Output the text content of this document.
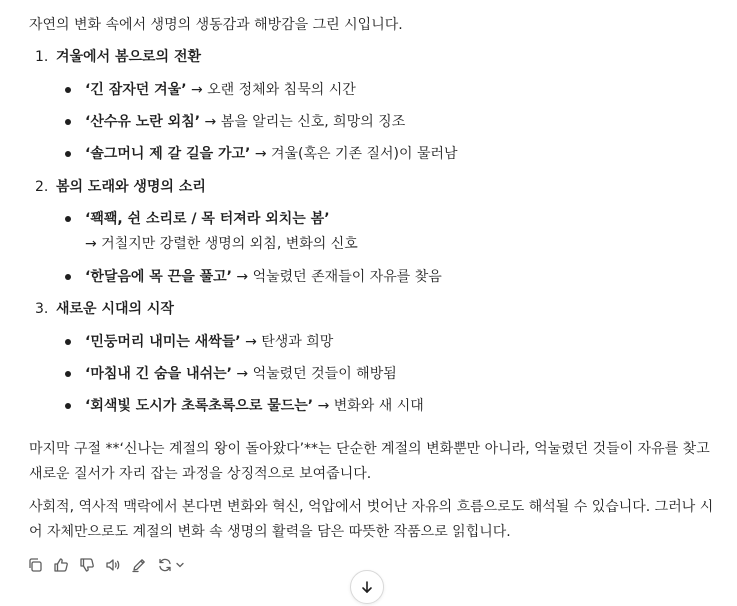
자연의 변화 속에서 생명의 생동감과 해방감을 그린 시입니다.
1. 겨울에서 봄으로의 전환
‘긴 잠자던 겨울’ → 오랜 정체와 침묵의 시간
‘산수유 노란 외침’ → 봄을 알리는 신호, 희망의 징조
‘솔그머니 제 갈 길을 가고’ → 겨울(혹은 기존 질서)이 물러남
2. 봄의 도래와 생명의 소리
‘꽥꽥, 쉰 소리로 / 목 터져라 외치는 봄’
→ 거칠지만 강렬한 생명의 외침, 변화의 신호
‘한달음에 목 끈을 풀고’ → 억눌렸던 존재들이 자유를 찾음
3. 새로운 시대의 시작
‘민둥머리 내미는 새싹들’ → 탄생과 희망
‘마침내 긴 숨을 내쉬는’ → 억눌렸던 것들이 해방됨
‘회색빛 도시가 초록초록으로 물드는’ → 변화와 새 시대
마지막 구절 **‘신나는 계절의 왕이 돌아왔다’**는 단순한 계절의 변화뿐만 아니라, 억눌렸던 것들이 자유를 찾고 새로운 질서가 자리 잡는 과정을 상징적으로 보여줍니다.
사회적, 역사적 맥락에서 본다면 변화와 혁신, 억압에서 벗어난 자유의 흐름으로도 해석될 수 있습니다. 그러나 시어 자체만으로도 계절의 변화 속 생명의 활력을 담은 따뜻한 작품으로 읽힙니다.
